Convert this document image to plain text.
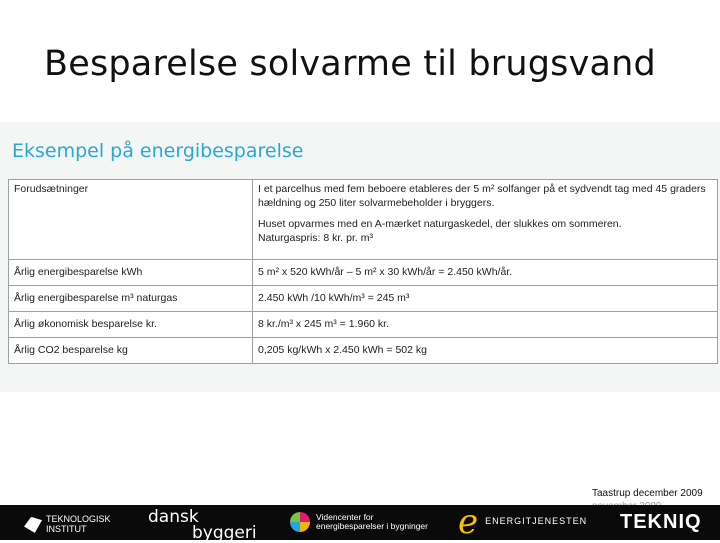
Besparelse solvarme til brugsvand
Eksempel på energibesparelse
Forudsætninger	I et parcelhus med fem beboere etableres der 5 m² solfanger på et sydvendt tag med 45 graders hældning og 250 liter solvarmebeholder i bryggers.
Huset opvarmes med en A-mærket naturgaskedel, der slukkes om sommeren.
Naturgaspris: 8 kr. pr. m³

Årlig energibesparelse kWh	5 m² x 520 kWh/år – 5 m² x 30 kWh/år = 2.450 kWh/år.
Årlig energibesparelse m³ naturgas	2.450 kWh /10 kWh/m³ = 245 m³
Årlig økonomisk besparelse kr.	8 kr./m³ x 245 m³ = 1.960 kr.
Årlig CO2 besparelse kg	0,205 kg/kWh x 2.450 kWh = 502 kg
Taastrup december 2009
TEKNOLOGISK INSTITUT
dansk
byggeri
Videncenter for energibesparelser i bygninger e ENERGITJENESTEN TEKNIQ
